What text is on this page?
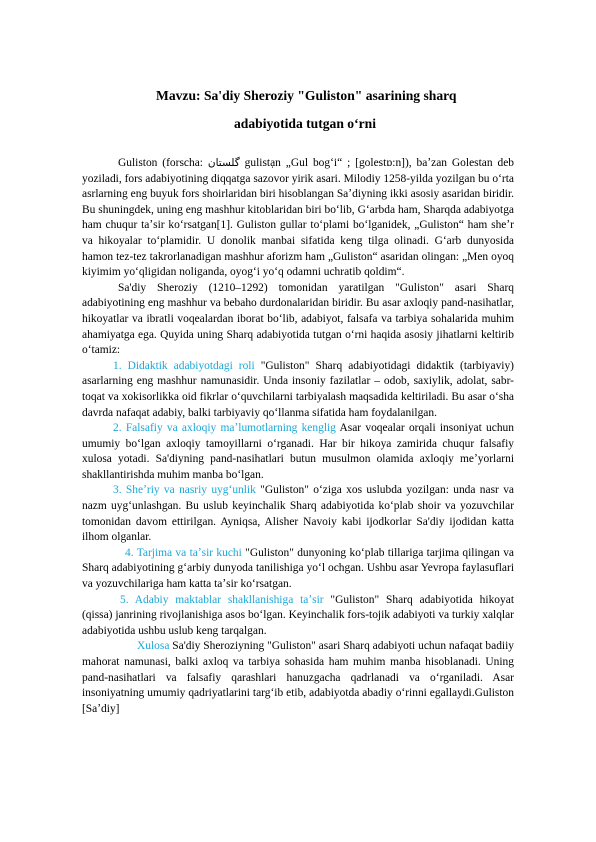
Mavzu: Sa'diy Sheroziy "Guliston" asarining sharq
adabiyotida tutgan oʻrni

Guliston (forscha: گلستان gulistạn „Gul bogʻi“ ; [golestɒ:n]), baʼzan Golestan deb yoziladi, fors adabiyotining diqqatga sazovor yirik asari. Milodiy 1258-yilda yozilgan bu oʻrta asrlarning eng buyuk fors shoirlaridan biri hisoblangan Saʼdiyning ikki asosiy asaridan biridir. Bu shuningdek, uning eng mashhur kitoblaridan biri boʻlib, Gʻarbda ham, Sharqda adabiyotga ham chuqur taʼsir koʻrsatgan[1]. Guliston gullar toʻplami boʻlganidek, „Guliston“ ham sheʼr va hikoyalar toʻplamidir. U donolik manbai sifatida keng tilga olinadi. Gʻarb dunyosida hamon tez-tez takrorlanadigan mashhur aforizm ham „Guliston“ asaridan olingan: „Men oyoq kiyimim yoʻqligidan noliganda, oyogʻi yoʻq odamni uchratib qoldim“.

Sa'diy Sheroziy (1210–1292) tomonidan yaratilgan "Guliston" asari Sharq adabiyotining eng mashhur va bebaho durdonalaridan biridir. Bu asar axloqiy pand-nasihatlar, hikoyatlar va ibratli voqealardan iborat boʻlib, adabiyot, falsafa va tarbiya sohalarida muhim ahamiyatga ega. Quyida uning Sharq adabiyotida tutgan oʻrni haqida asosiy jihatlarni keltirib oʻtamiz:

1. Didaktik adabiyotdagi roli "Guliston" Sharq adabiyotidagi didaktik (tarbiyaviy) asarlarning eng mashhur namunasidir. Unda insoniy fazilatlar – odob, saxiylik, adolat, sabr-toqat va xokisorlikka oid fikrlar oʻquvchilarni tarbiyalash maqsadida keltiriladi. Bu asar oʻsha davrda nafaqat adabiy, balki tarbiyaviy qoʻllanma sifatida ham foydalanilgan.

2. Falsafiy va axloqiy maʼlumotlarning kenglig Asar voqealar orqali insoniyat uchun umumiy boʻlgan axloqiy tamoyillarni oʻrganadi. Har bir hikoya zamirida chuqur falsafiy xulosa yotadi. Sa'diyning pand-nasihatlari butun musulmon olamida axloqiy meʼyorlarni shakllantirishda muhim manba boʻlgan.

3. Sheʼriy va nasriy uygʻunlik "Guliston" oʻziga xos uslubda yozilgan: unda nasr va nazm uygʻunlashgan. Bu uslub keyinchalik Sharq adabiyotida koʻplab shoir va yozuvchilar tomonidan davom ettirilgan. Ayniqsa, Alisher Navoiy kabi ijodkorlar Sa'diy ijodidan katta ilhom olganlar.

4. Tarjima va taʼsir kuchi "Guliston" dunyoning koʻplab tillariga tarjima qilingan va Sharq adabiyotining gʻarbiy dunyoda tanilishiga yoʻl ochgan. Ushbu asar Yevropa faylasuflari va yozuvchilariga ham katta taʼsir koʻrsatgan.

5. Adabiy maktablar shakllanishiga taʼsir "Guliston" Sharq adabiyotida hikoyat (qissa) janrining rivojlanishiga asos boʻlgan. Keyinchalik fors-tojik adabiyoti va turkiy xalqlar adabiyotida ushbu uslub keng tarqalgan.

Xulosa Sa'diy Sheroziyning "Guliston" asari Sharq adabiyoti uchun nafaqat badiiy mahorat namunasi, balki axloq va tarbiya sohasida ham muhim manba hisoblanadi. Uning pand-nasihatlari va falsafiy qarashlari hanuzgacha qadrlanadi va oʻrganiladi. Asar insoniyatning umumiy qadriyatlarini targʻib etib, adabiyotda abadiy oʻrinni egallaydi.Guliston [Saʼdiy]
